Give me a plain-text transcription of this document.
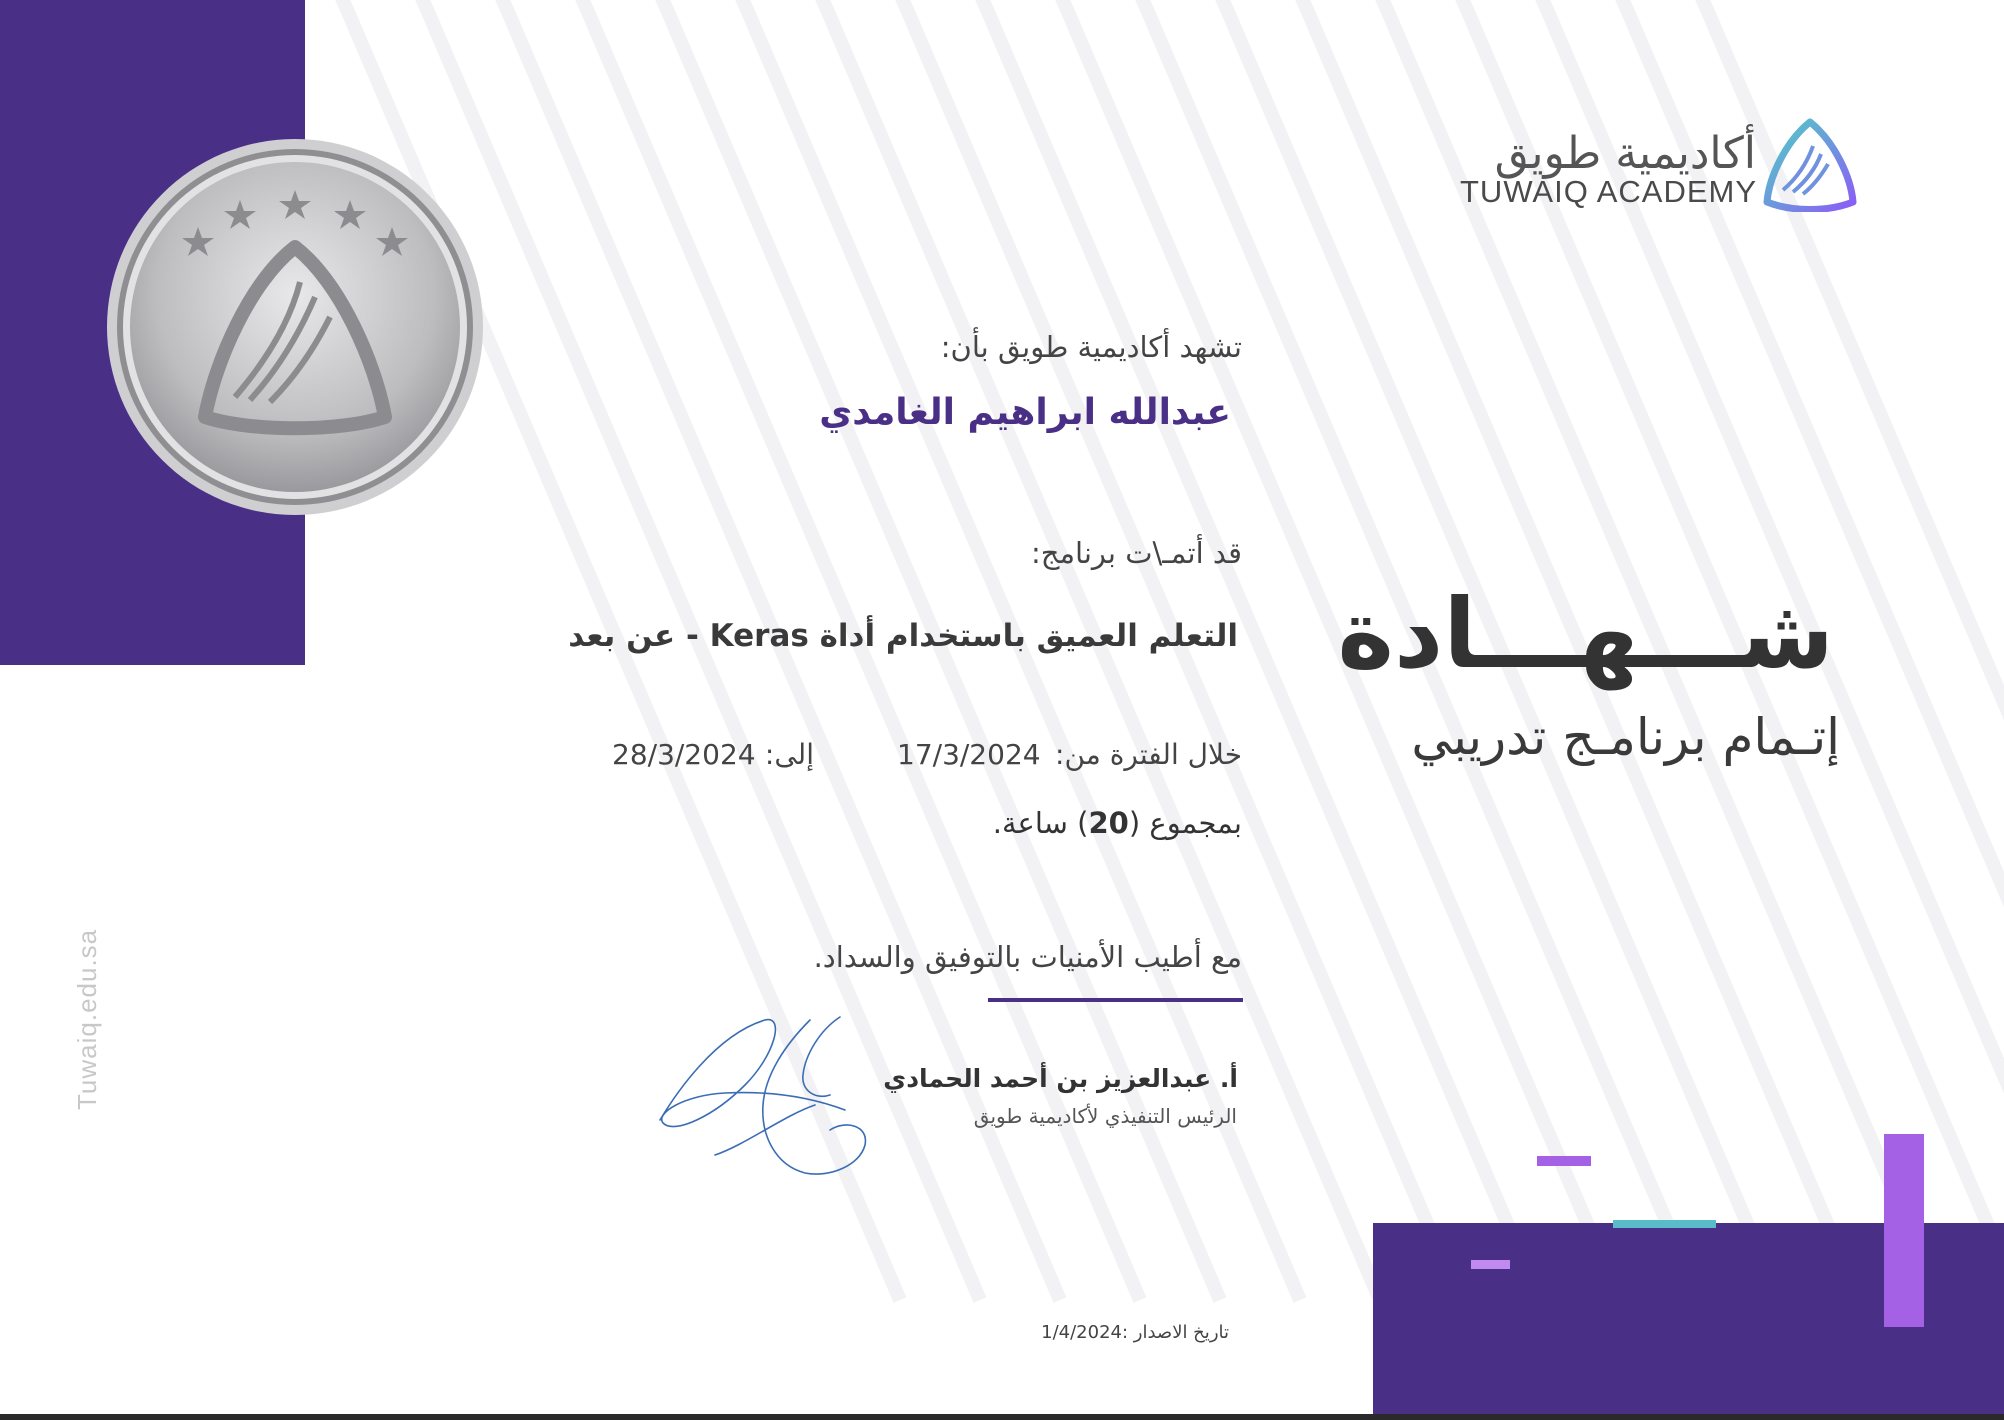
أكاديمية طويق
TUWAIQ ACADEMY
تشهد أكاديمية طويق بأن:
عبدالله ابراهيم الغامدي
قد أتمـ\ت برنامج:
التعلم العميق باستخدام أداة Keras - عن بعد
خلال الفترة من:
17/3/2024
إلى:
28/3/2024
بمجموع (20) ساعة.
مع أطيب الأمنيات بالتوفيق والسداد.
أ. عبدالعزيز بن أحمد الحمادي
الرئيس التنفيذي لأكاديمية طويق
شـــهـــادة
إتـمام برنامـج تدريبي
Tuwaiq.edu.sa
تاريخ الاصدار :1/4/2024
